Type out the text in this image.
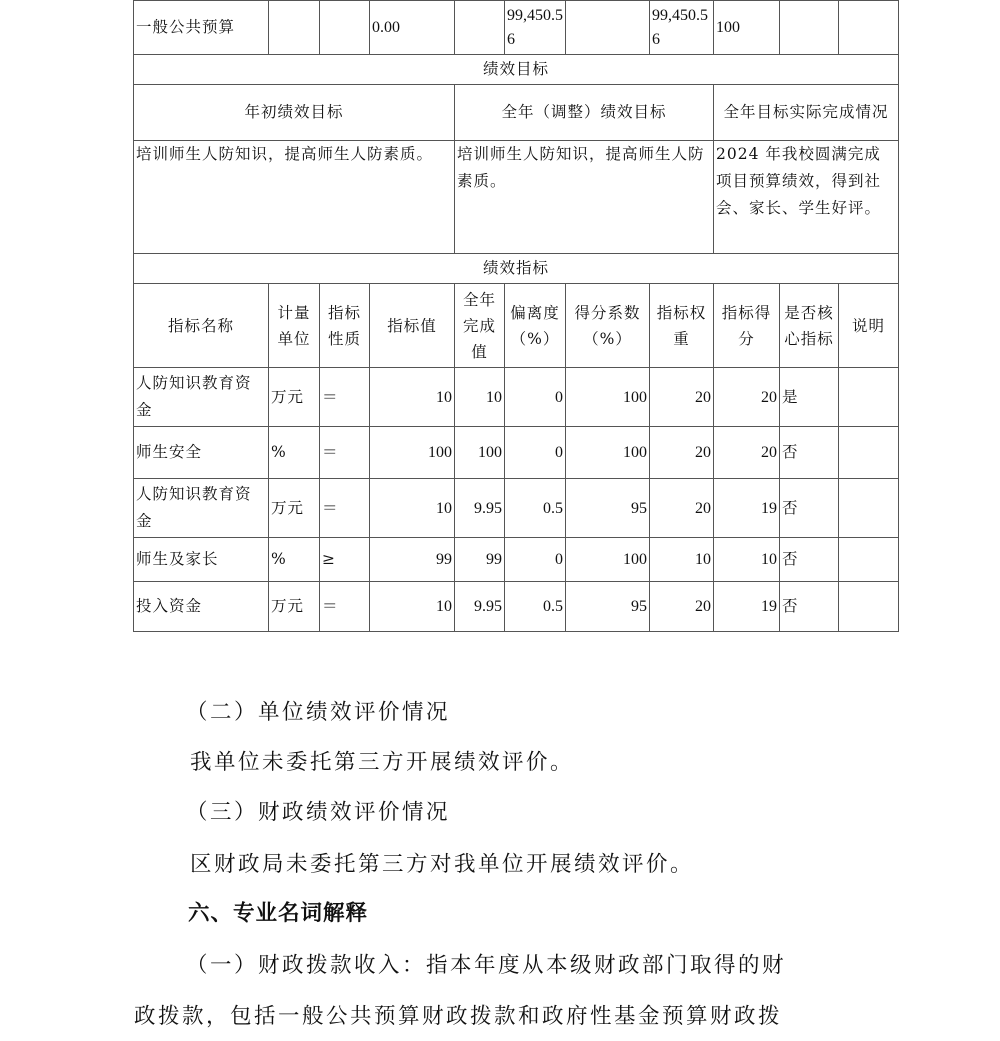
一般公共预算			0.00		99,450.56		99,450.56	100		
绩效目标										
年初绩效目标				全年（调整）绩效目标				全年目标实际完成情况		
培训师生人防知识，提高师生人防素质。				培训师生人防知识，提高师生人防素质。				2024 年我校圆满完成项目预算绩效，得到社会、家长、学生好评。		
绩效指标										
指标名称	计量单位	指标性质	指标值	全年完成值	偏离度（%）	得分系数（%）	指标权重	指标得分	是否核心指标	说明
人防知识教育资金	万元	＝	10	10	0	100	20	20	是	
师生安全	%	＝	100	100	0	100	20	20	否	
人防知识教育资金	万元	＝	10	9.95	0.5	95	20	19	否	
师生及家长	%	≥	99	99	0	100	10	10	否	
投入资金	万元	＝	10	9.95	0.5	95	20	19	否	
（二）单位绩效评价情况
我单位未委托第三方开展绩效评价。
（三）财政绩效评价情况
区财政局未委托第三方对我单位开展绩效评价。
六、专业名词解释
（一）财政拨款收入：指本年度从本级财政部门取得的财
政拨款，包括一般公共预算财政拨款和政府性基金预算财政拨
